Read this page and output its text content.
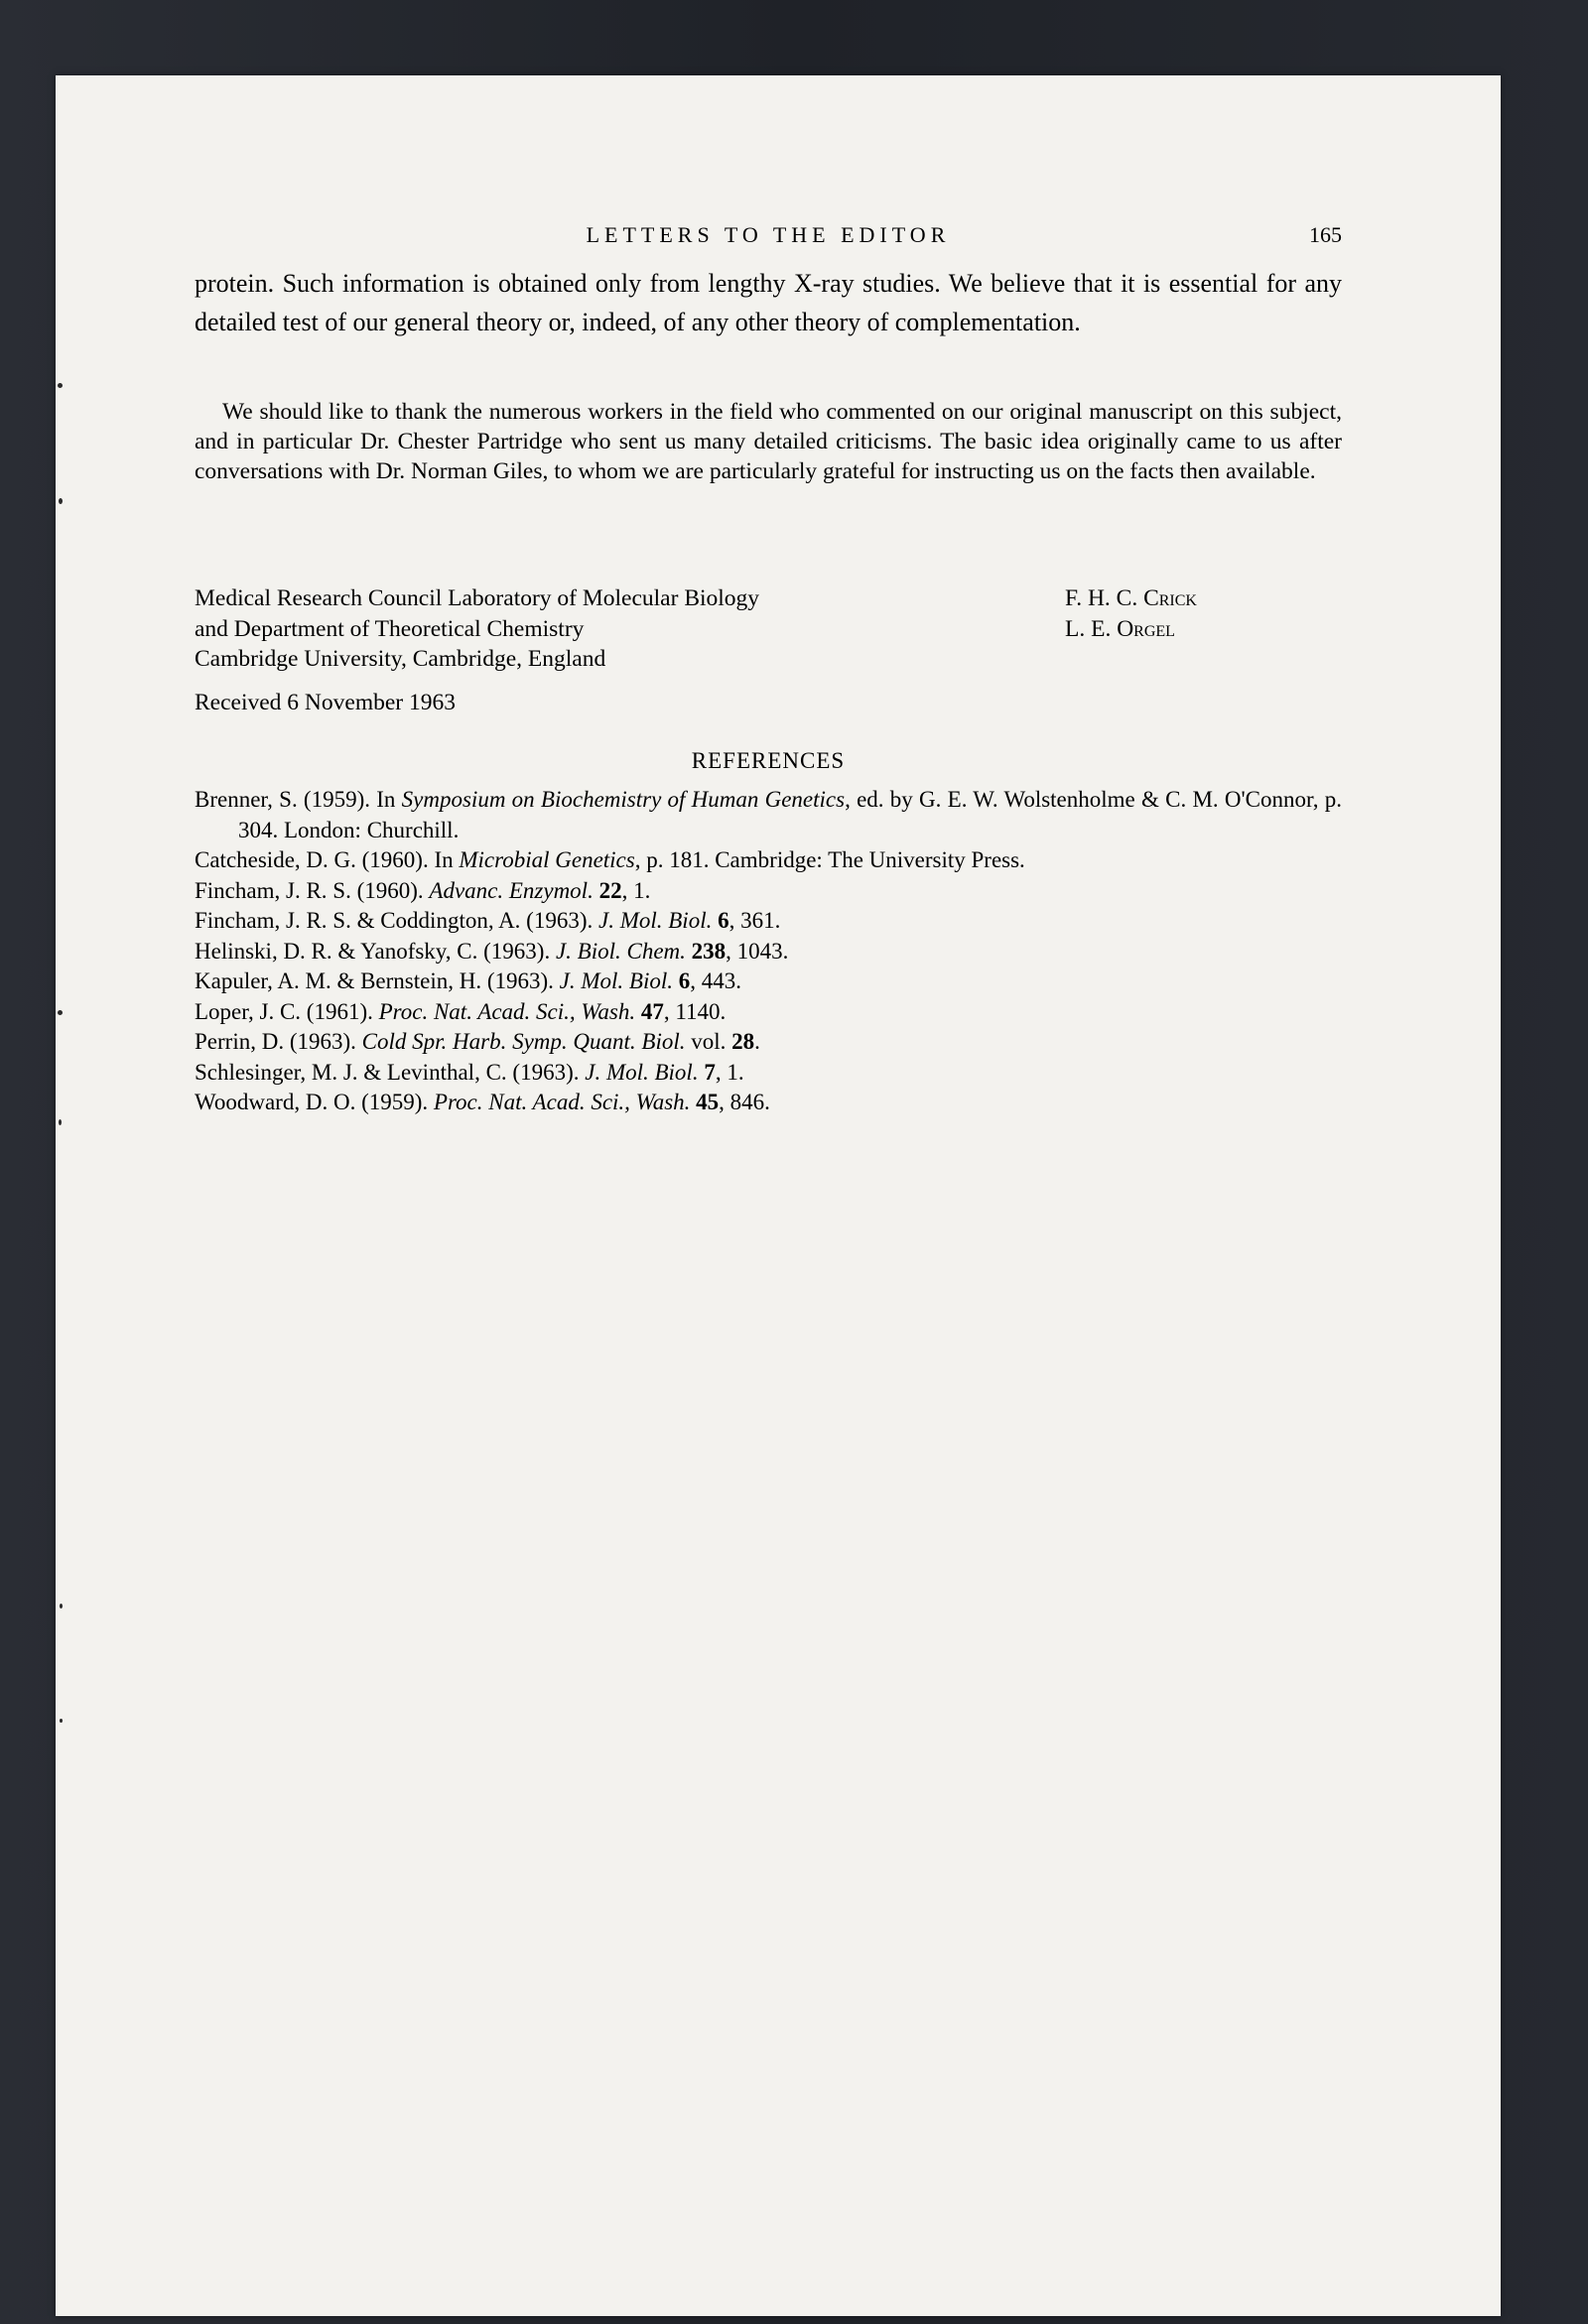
LETTERS TO THE EDITOR	165

protein. Such information is obtained only from lengthy X-ray studies. We believe that it is essential for any detailed test of our general theory or, indeed, of any other theory of complementation.

We should like to thank the numerous workers in the field who commented on our original manuscript on this subject, and in particular Dr. Chester Partridge who sent us many detailed criticisms. The basic idea originally came to us after conversations with Dr. Norman Giles, to whom we are particularly grateful for instructing us on the facts then available.

Medical Research Council Laboratory of Molecular Biology
and Department of Theoretical Chemistry
Cambridge University, Cambridge, England
F. H. C. Crick
L. E. Orgel
Received 6 November 1963
REFERENCES
Brenner, S. (1959). In Symposium on Biochemistry of Human Genetics, ed. by G. E. W. Wolstenholme & C. M. O'Connor, p. 304. London: Churchill.
Catcheside, D. G. (1960). In Microbial Genetics, p. 181. Cambridge: The University Press.
Fincham, J. R. S. (1960). Advanc. Enzymol. 22, 1.
Fincham, J. R. S. & Coddington, A. (1963). J. Mol. Biol. 6, 361.
Helinski, D. R. & Yanofsky, C. (1963). J. Biol. Chem. 238, 1043.
Kapuler, A. M. & Bernstein, H. (1963). J. Mol. Biol. 6, 443.
Loper, J. C. (1961). Proc. Nat. Acad. Sci., Wash. 47, 1140.
Perrin, D. (1963). Cold Spr. Harb. Symp. Quant. Biol. vol. 28.
Schlesinger, M. J. & Levinthal, C. (1963). J. Mol. Biol. 7, 1.
Woodward, D. O. (1959). Proc. Nat. Acad. Sci., Wash. 45, 846.
